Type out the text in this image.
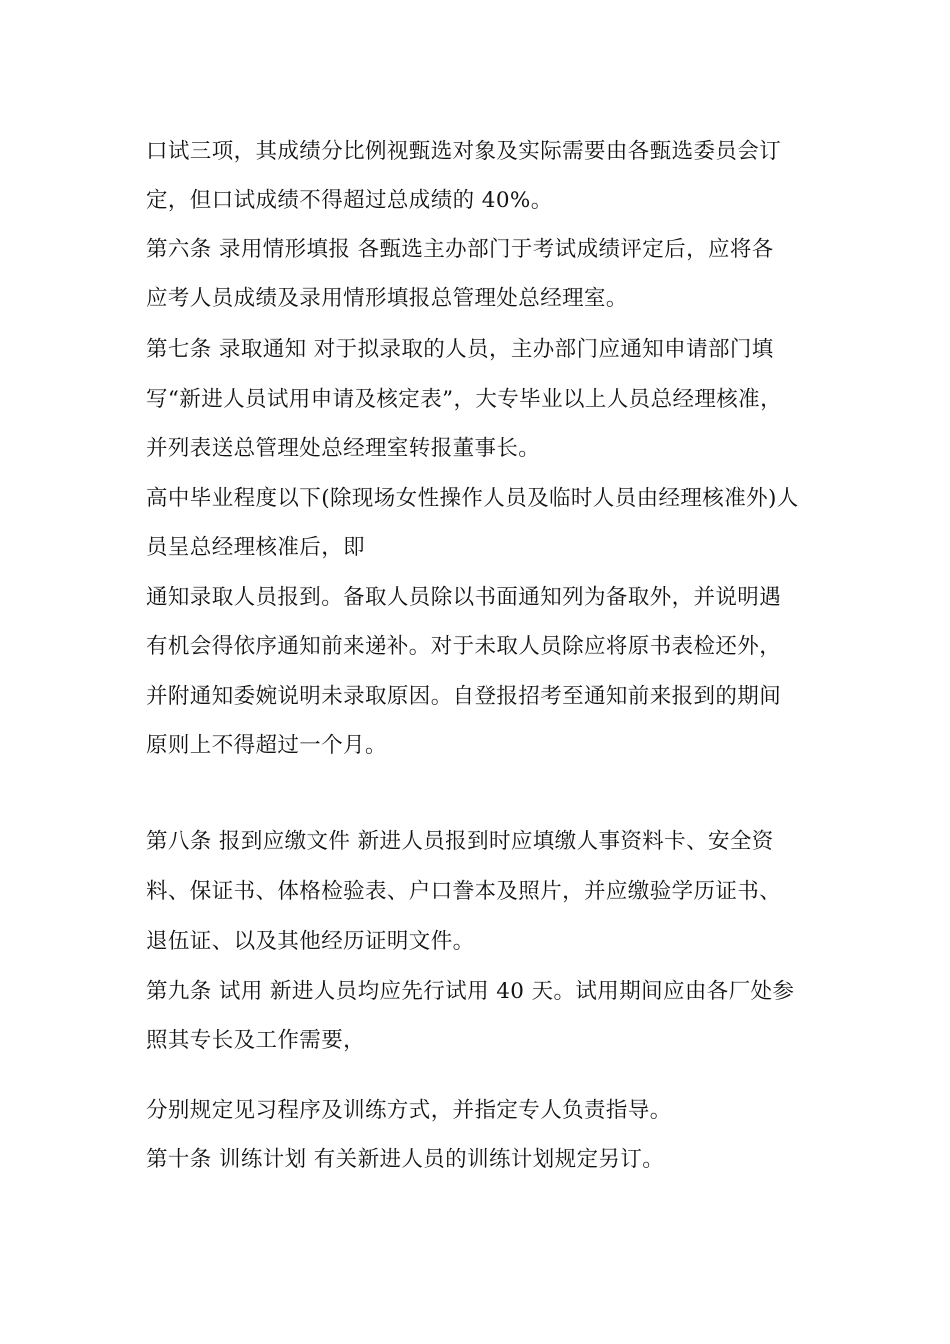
口试三项，其成绩分比例视甄选对象及实际需要由各甄选委员会订
定，但口试成绩不得超过总成绩的 40%。
第六条 录用情形填报 各甄选主办部门于考试成绩评定后，应将各
应考人员成绩及录用情形填报总管理处总经理室。
第七条 录取通知 对于拟录取的人员，主办部门应通知申请部门填
写“新进人员试用申请及核定表”，大专毕业以上人员总经理核准，
并列表送总管理处总经理室转报董事长。
高中毕业程度以下(除现场女性操作人员及临时人员由经理核准外)人
员呈总经理核准后，即
通知录取人员报到。备取人员除以书面通知列为备取外，并说明遇
有机会得依序通知前来递补。对于未取人员除应将原书表检还外，
并附通知委婉说明未录取原因。自登报招考至通知前来报到的期间
原则上不得超过一个月。
第八条 报到应缴文件 新进人员报到时应填缴人事资料卡、安全资
料、保证书、体格检验表、户口誊本及照片，并应缴验学历证书、
退伍证、以及其他经历证明文件。
第九条 试用 新进人员均应先行试用 40 天。试用期间应由各厂处参
照其专长及工作需要，
分别规定见习程序及训练方式，并指定专人负责指导。
第十条 训练计划 有关新进人员的训练计划规定另订。
